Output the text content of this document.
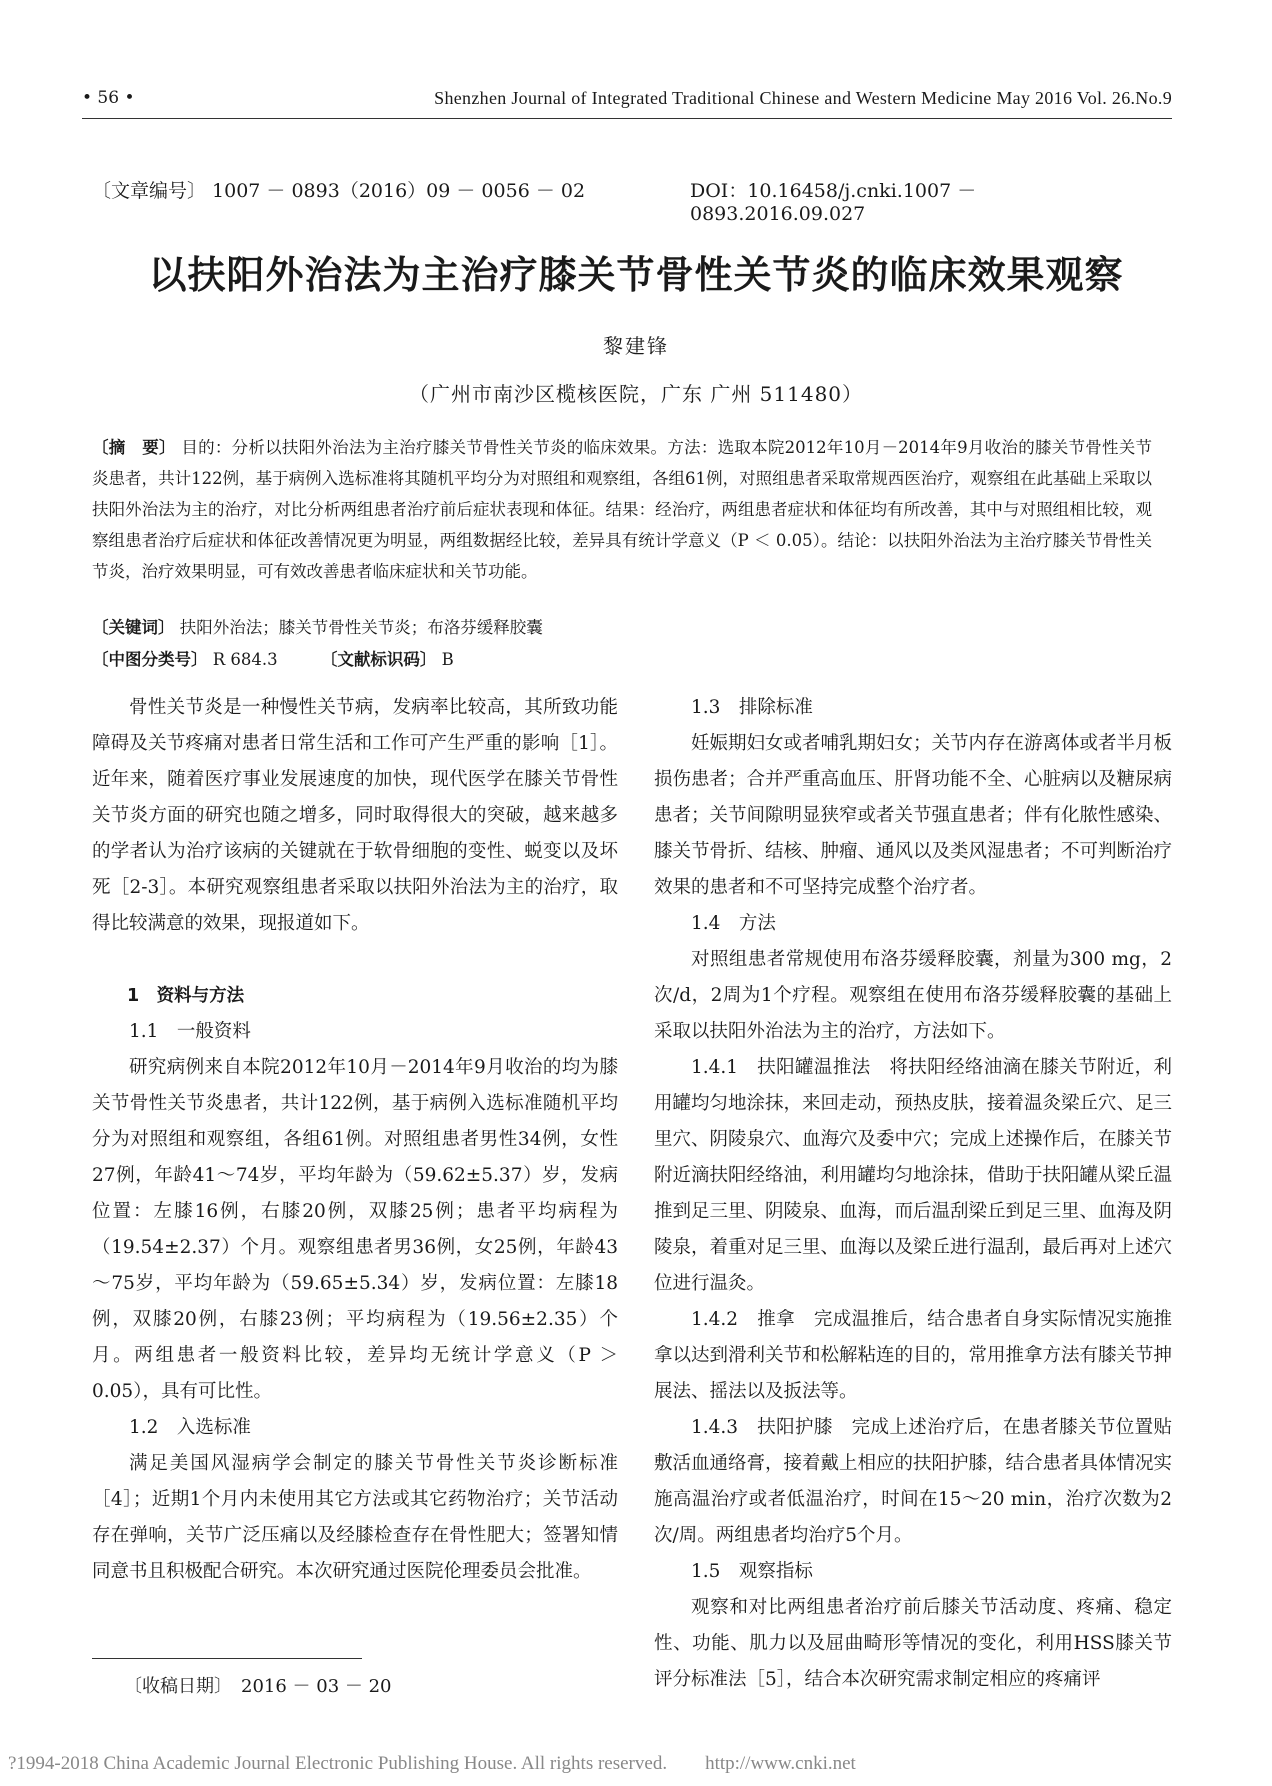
• 56 •	Shenzhen Journal of Integrated Traditional Chinese and Western Medicine May 2016 Vol. 26.No.9
〔文章编号〕 1007 － 0893（2016）09 － 0056 － 02	DOI：10.16458/j.cnki.1007 － 0893.2016.09.027
以扶阳外治法为主治疗膝关节骨性关节炎的临床效果观察
黎建锋
（广州市南沙区榄核医院，广东 广州 511480）
〔摘　要〕 目的：分析以扶阳外治法为主治疗膝关节骨性关节炎的临床效果。方法：选取本院2012年10月－2014年9月收治的膝关节骨性关节炎患者，共计122例，基于病例入选标准将其随机平均分为对照组和观察组，各组61例，对照组患者采取常规西医治疗，观察组在此基础上采取以扶阳外治法为主的治疗，对比分析两组患者治疗前后症状表现和体征。结果：经治疗，两组患者症状和体征均有所改善，其中与对照组相比较，观察组患者治疗后症状和体征改善情况更为明显，两组数据经比较，差异具有统计学意义（P ＜ 0.05）。结论：以扶阳外治法为主治疗膝关节骨性关节炎，治疗效果明显，可有效改善患者临床症状和关节功能。
〔关键词〕 扶阳外治法；膝关节骨性关节炎；布洛芬缓释胶囊
〔中图分类号〕 R 684.3	〔文献标识码〕 B

骨性关节炎是一种慢性关节病，发病率比较高，其所致功能障碍及关节疼痛对患者日常生活和工作可产生严重的影响［1］。近年来，随着医疗事业发展速度的加快，现代医学在膝关节骨性关节炎方面的研究也随之增多，同时取得很大的突破，越来越多的学者认为治疗该病的关键就在于软骨细胞的变性、蜕变以及坏死［2-3］。本研究观察组患者采取以扶阳外治法为主的治疗，取得比较满意的效果，现报道如下。

1　资料与方法
1.1　一般资料

研究病例来自本院2012年10月－2014年9月收治的均为膝关节骨性关节炎患者，共计122例，基于病例入选标准随机平均分为对照组和观察组，各组61例。对照组患者男性34例，女性27例，年龄41～74岁，平均年龄为（59.62±5.37）岁，发病位置：左膝16例，右膝20例，双膝25例；患者平均病程为（19.54±2.37）个月。观察组患者男36例，女25例，年龄43～75岁，平均年龄为（59.65±5.34）岁，发病位置：左膝18例，双膝20例，右膝23例；平均病程为（19.56±2.35）个月。两组患者一般资料比较，差异均无统计学意义（P ＞ 0.05），具有可比性。

1.2　入选标准

满足美国风湿病学会制定的膝关节骨性关节炎诊断标准［4］；近期1个月内未使用其它方法或其它药物治疗；关节活动存在弹响，关节广泛压痛以及经膝检查存在骨性肥大；签署知情同意书且积极配合研究。本次研究通过医院伦理委员会批准。

1.3　排除标准

妊娠期妇女或者哺乳期妇女；关节内存在游离体或者半月板损伤患者；合并严重高血压、肝肾功能不全、心脏病以及糖尿病患者；关节间隙明显狭窄或者关节强直患者；伴有化脓性感染、膝关节骨折、结核、肿瘤、通风以及类风湿患者；不可判断治疗效果的患者和不可坚持完成整个治疗者。

1.4　方法

对照组患者常规使用布洛芬缓释胶囊，剂量为300 mg，2次/d，2周为1个疗程。观察组在使用布洛芬缓释胶囊的基础上采取以扶阳外治法为主的治疗，方法如下。

1.4.1　扶阳罐温推法　将扶阳经络油滴在膝关节附近，利用罐均匀地涂抹，来回走动，预热皮肤，接着温灸梁丘穴、足三里穴、阴陵泉穴、血海穴及委中穴；完成上述操作后，在膝关节附近滴扶阳经络油，利用罐均匀地涂抹，借助于扶阳罐从梁丘温推到足三里、阴陵泉、血海，而后温刮梁丘到足三里、血海及阴陵泉，着重对足三里、血海以及梁丘进行温刮，最后再对上述穴位进行温灸。

1.4.2　推拿　完成温推后，结合患者自身实际情况实施推拿以达到滑利关节和松解粘连的目的，常用推拿方法有膝关节抻展法、摇法以及扳法等。

1.4.3　扶阳护膝　完成上述治疗后，在患者膝关节位置贴敷活血通络膏，接着戴上相应的扶阳护膝，结合患者具体情况实施高温治疗或者低温治疗，时间在15～20 min，治疗次数为2次/周。两组患者均治疗5个月。

1.5　观察指标

观察和对比两组患者治疗前后膝关节活动度、疼痛、稳定性、功能、肌力以及屈曲畸形等情况的变化，利用HSS膝关节评分标准法［5］，结合本次研究需求制定相应的疼痛评

〔收稿日期〕　2016 － 03 － 20
?1994-2018 China Academic Journal Electronic Publishing House. All rights reserved.　　http://www.cnki.net
